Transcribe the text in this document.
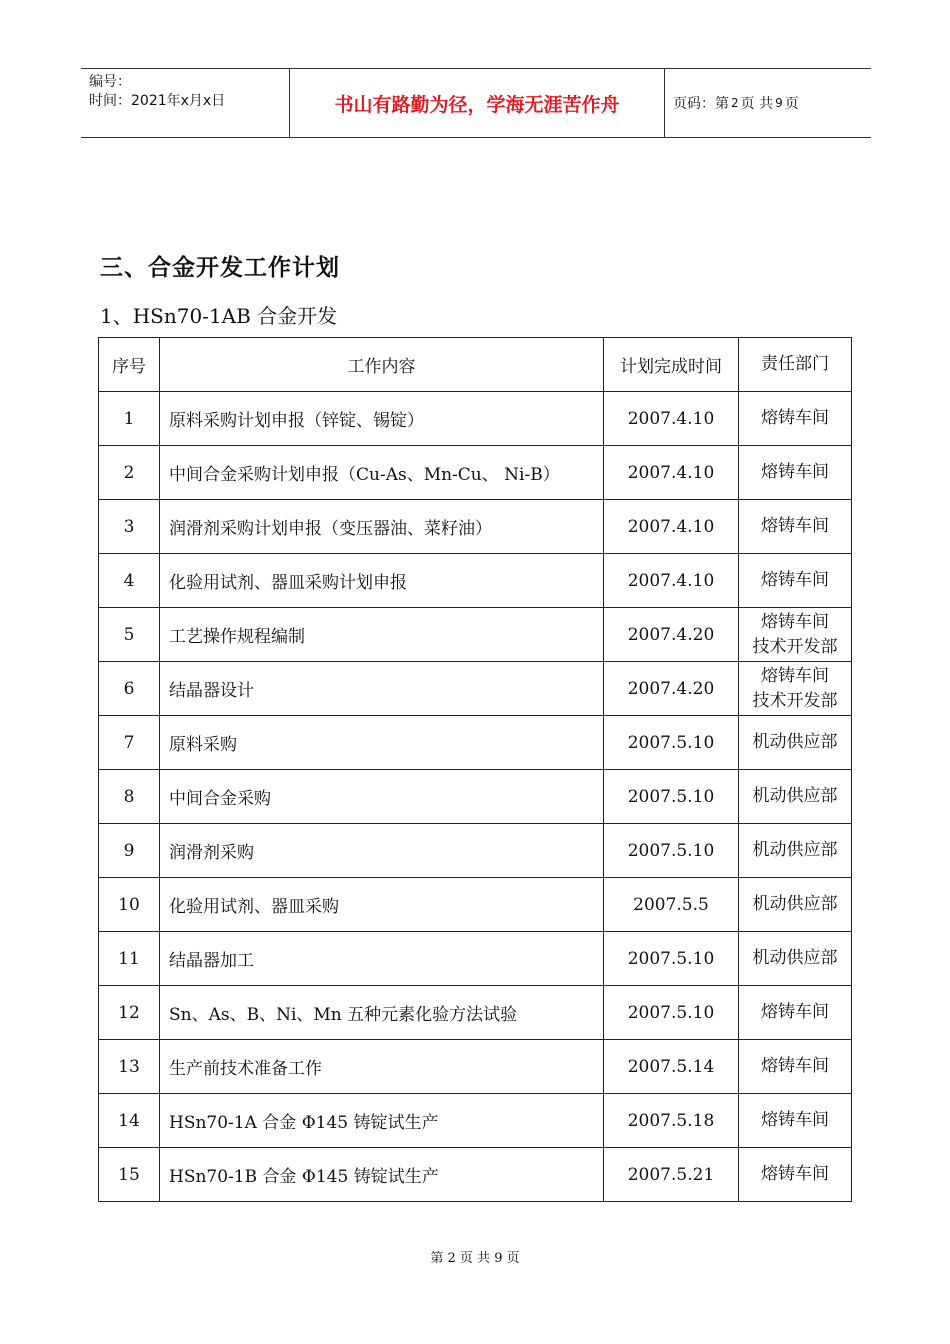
编号：
时间：2021年x月x日	书山有路勤为径，学海无涯苦作舟	页码：第 2 页 共 9 页
三、合金开发工作计划
1、HSn70-1AB 合金开发
序号	工作内容	计划完成时间	责任部门
1	原料采购计划申报（锌锭、锡锭）	2007.4.10	熔铸车间

2	中间合金采购计划申报（Cu-As、Mn-Cu、 Ni-B）	2007.4.10	熔铸车间

3	润滑剂采购计划申报（变压器油、菜籽油）	2007.4.10	熔铸车间

4	化验用试剂、器皿采购计划申报	2007.4.10	熔铸车间

5	工艺操作规程编制	2007.4.20	熔铸车间
技术开发部

6	结晶器设计	2007.4.20	熔铸车间
技术开发部

7	原料采购	2007.5.10	机动供应部

8	中间合金采购	2007.5.10	机动供应部

9	润滑剂采购	2007.5.10	机动供应部

10	化验用试剂、器皿采购	2007.5.5	机动供应部

11	结晶器加工	2007.5.10	机动供应部

12	Sn、As、B、Ni、Mn 五种元素化验方法试验	2007.5.10	熔铸车间

13	生产前技术准备工作	2007.5.14	熔铸车间

14	HSn70-1A 合金 Φ145 铸锭试生产	2007.5.18	熔铸车间

15	HSn70-1B 合金 Φ145 铸锭试生产	2007.5.21	熔铸车间
第 2 页 共 9 页
